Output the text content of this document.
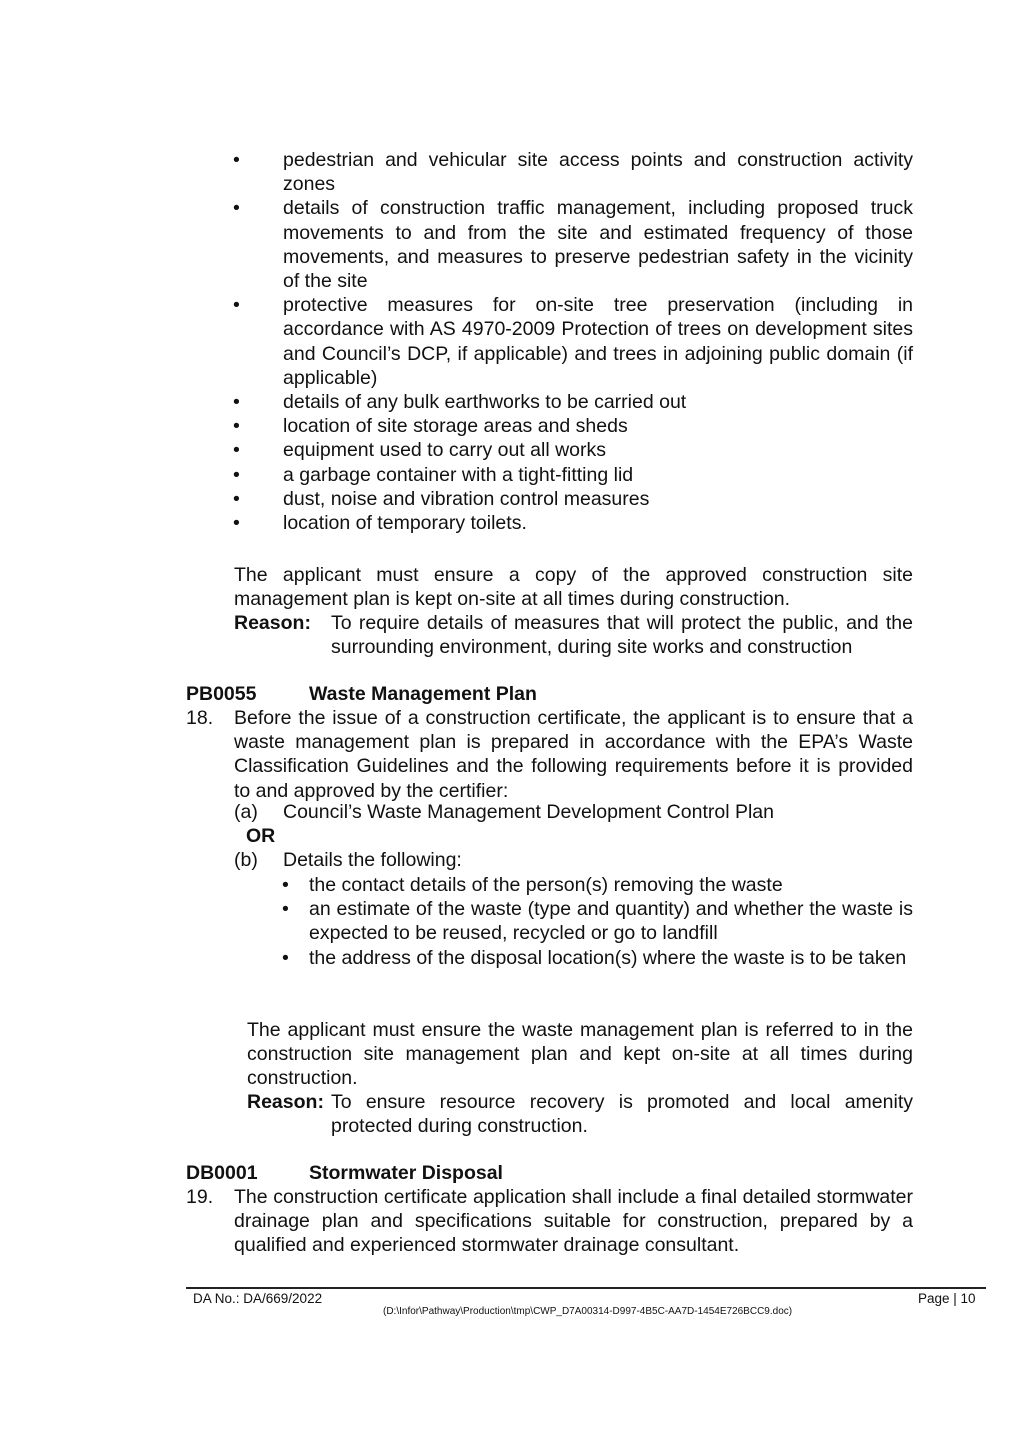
• pedestrian and vehicular site access points and construction activity zones
• details of construction traffic management, including proposed truck movements to and from the site and estimated frequency of those movements, and measures to preserve pedestrian safety in the vicinity of the site
• protective measures for on-site tree preservation (including in accordance with AS 4970-2009 Protection of trees on development sites and Council’s DCP, if applicable) and trees in adjoining public domain (if applicable)
• details of any bulk earthworks to be carried out
• location of site storage areas and sheds
• equipment used to carry out all works
• a garbage container with a tight-fitting lid
• dust, noise and vibration control measures
• location of temporary toilets.
The applicant must ensure a copy of the approved construction site management plan is kept on-site at all times during construction.
Reason: To require details of measures that will protect the public, and the surrounding environment, during site works and construction
PB0055	Waste Management Plan
18. Before the issue of a construction certificate, the applicant is to ensure that a waste management plan is prepared in accordance with the EPA’s Waste Classification Guidelines and the following requirements before it is provided to and approved by the certifier:
(a) Council’s Waste Management Development Control Plan
OR
(b) Details the following:
• the contact details of the person(s) removing the waste
• an estimate of the waste (type and quantity) and whether the waste is expected to be reused, recycled or go to landfill
• the address of the disposal location(s) where the waste is to be taken
The applicant must ensure the waste management plan is referred to in the construction site management plan and kept on-site at all times during construction.
Reason: To ensure resource recovery is promoted and local amenity protected during construction.
DB0001	Stormwater Disposal
19. The construction certificate application shall include a final detailed stormwater drainage plan and specifications suitable for construction, prepared by a qualified and experienced stormwater drainage consultant.
DA No.: DA/669/2022	Page | 10
(D:\Infor\Pathway\Production\tmp\CWP_D7A00314-D997-4B5C-AA7D-1454E726BCC9.doc)
